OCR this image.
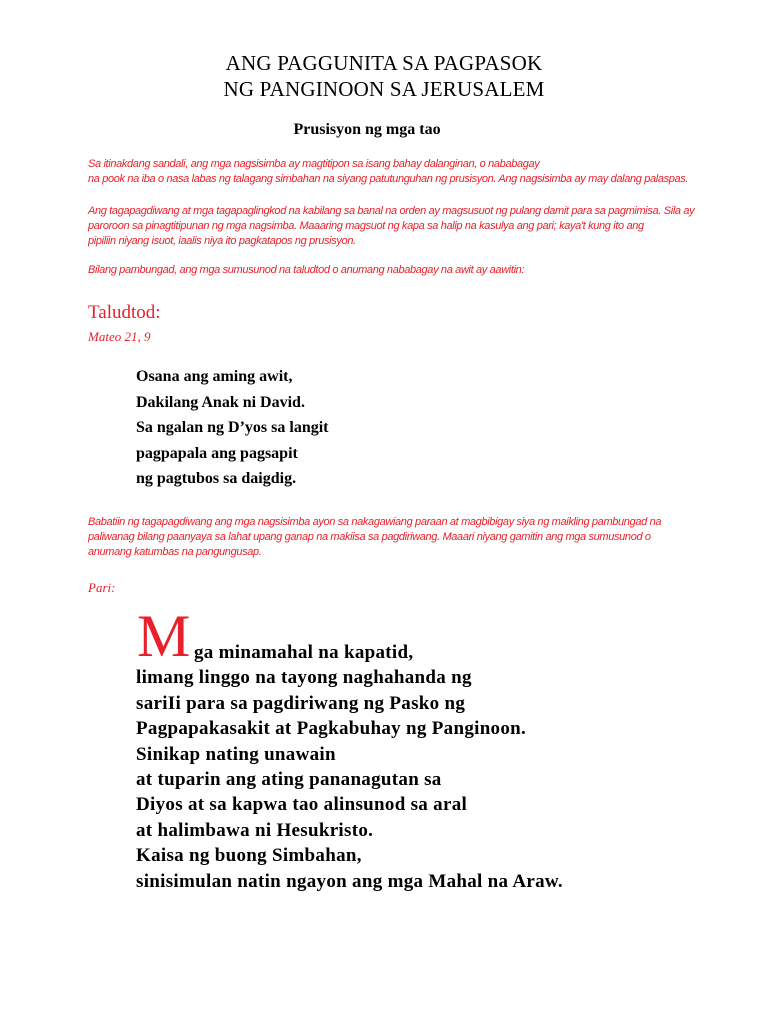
ANG PAGGUNITA SA PAGPASOK
NG PANGINOON SA JERUSALEM
Prusisyon ng mga tao
Sa itinakdang sandali, ang mga nagsisimba ay magtitipon sa isang bahay dalanginan, o nababagay
na pook na iba o nasa labas ng talagang simbahan na siyang patutunguhan ng prusisyon. Ang nagsisimba ay may dalang palaspas.
Ang tagapagdiwang at mga tagapaglingkod na kabilang sa banal na orden ay magsusuot ng pulang damit para sa pagmimisa. Sila ay
paroroon sa pinagtitipunan ng mga nagsimba. Maaaring magsuot ng kapa sa halip na kasulya ang pari; kaya't kung ito ang
pipiliin niyang isuot, iaalis niya ito pagkatapos ng prusisyon.
Bilang pambungad, ang mga sumusunod na taludtod o anumang nababagay na awit ay aawitin:
Taludtod:
Mateo 21, 9
Osana ang aming awit,
Dakilang Anak ni David.
Sa ngalan ng D’yos sa langit
pagpapala ang pagsapit
ng pagtubos sa daigdig.
Babatiin ng tagapagdiwang ang mga nagsisimba ayon sa nakagawiang paraan at magbibigay siya ng maikling pambungad na
paliwanag bilang paanyaya sa lahat upang ganap na makiisa sa pagdiriwang. Maaari niyang gamitin ang mga sumusunod o
anumang katumbas na pangungusap.
Pari:
M ga minamahal na kapatid,
limang linggo na tayong naghahanda ng
sariIi para sa pagdiriwang ng Pasko ng
Pagpapakasakit at Pagkabuhay ng Panginoon.
Sinikap nating unawain
at tuparin ang ating pananagutan sa
Diyos at sa kapwa tao alinsunod sa aral
at halimbawa ni Hesukristo.
Kaisa ng buong Simbahan,
sinisimulan natin ngayon ang mga Mahal na Araw.
